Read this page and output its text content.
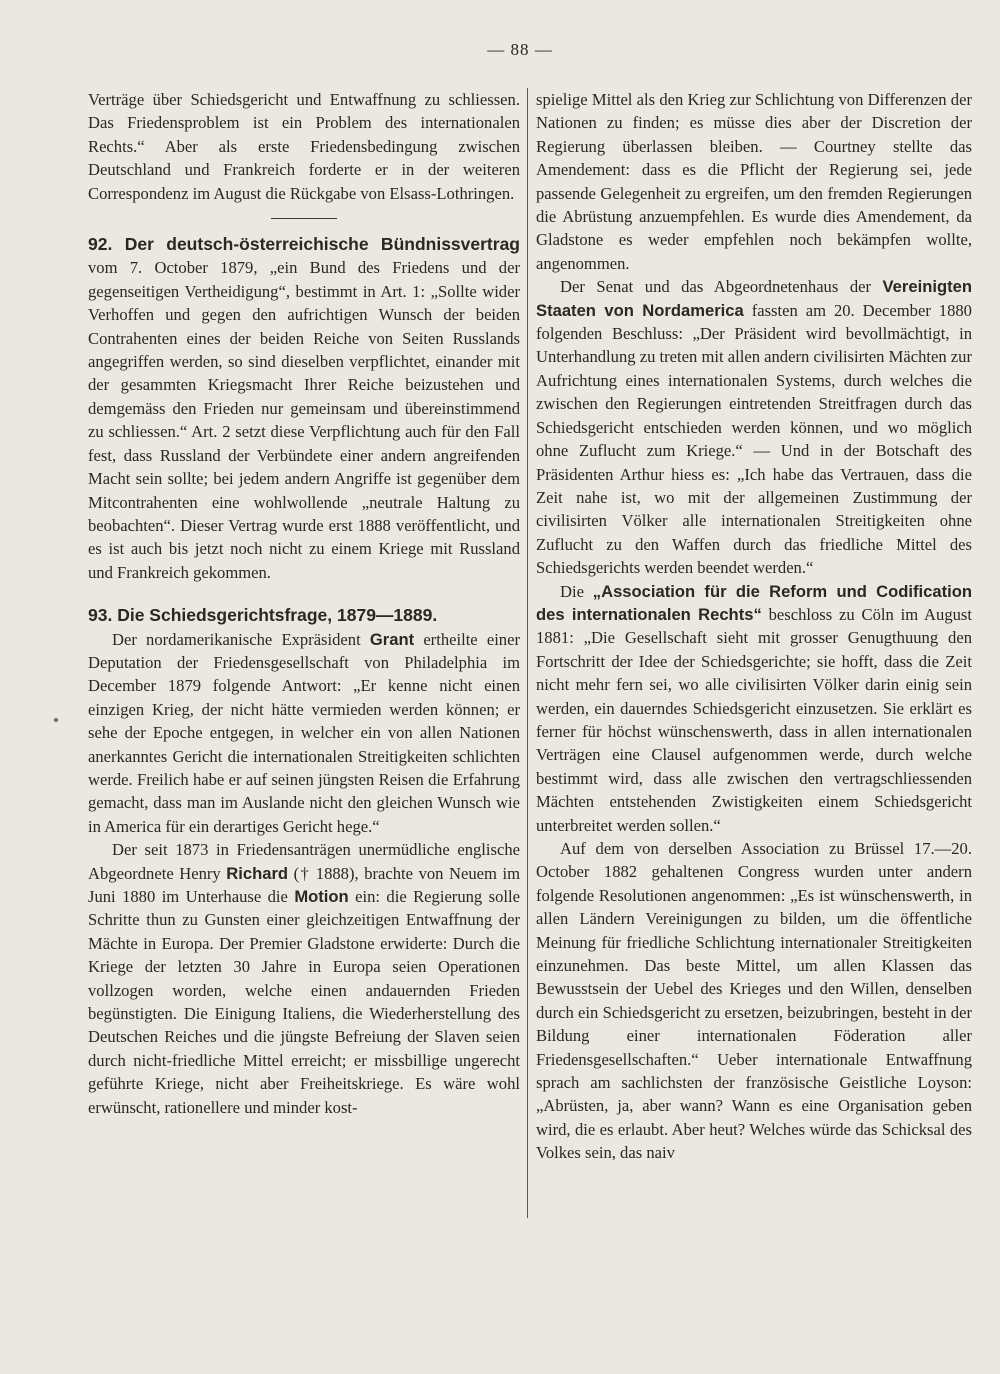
— 88 —

Verträge über Schiedsgericht und Entwaffnung zu schliessen. Das Friedensproblem ist ein Problem des internationalen Rechts.“ Aber als erste Friedensbedingung zwischen Deutschland und Frankreich forderte er in der weiteren Correspondenz im August die Rückgabe von Elsass-Lothringen.

92. Der deutsch-österreichische Bündnissvertrag vom 7. October 1879, „ein Bund des Friedens und der gegenseitigen Vertheidigung“, bestimmt in Art. 1: „Sollte wider Verhoffen und gegen den aufrichtigen Wunsch der beiden Contrahenten eines der beiden Reiche von Seiten Russlands angegriffen werden, so sind dieselben verpflichtet, einander mit der gesammten Kriegsmacht Ihrer Reiche beizustehen und demgemäss den Frieden nur gemeinsam und übereinstimmend zu schliessen.“ Art. 2 setzt diese Verpflichtung auch für den Fall fest, dass Russland der Verbündete einer andern angreifenden Macht sein sollte; bei jedem andern Angriffe ist gegenüber dem Mitcontrahenten eine wohlwollende „neutrale Haltung zu beobachten“. Dieser Vertrag wurde erst 1888 veröffentlicht, und es ist auch bis jetzt noch nicht zu einem Kriege mit Russland und Frankreich gekommen.

93. Die Schiedsgerichtsfrage, 1879—1889.

Der nordamerikanische Expräsident Grant ertheilte einer Deputation der Friedensgesellschaft von Philadelphia im December 1879 folgende Antwort: „Er kenne nicht einen einzigen Krieg, der nicht hätte vermieden werden können; er sehe der Epoche entgegen, in welcher ein von allen Nationen anerkanntes Gericht die internationalen Streitigkeiten schlichten werde. Freilich habe er auf seinen jüngsten Reisen die Erfahrung gemacht, dass man im Auslande nicht den gleichen Wunsch wie in America für ein derartiges Gericht hege.“

Der seit 1873 in Friedensanträgen unermüdliche englische Abgeordnete Henry Richard († 1888), brachte von Neuem im Juni 1880 im Unterhause die Motion ein: die Regierung solle Schritte thun zu Gunsten einer gleichzeitigen Entwaffnung der Mächte in Europa. Der Premier Gladstone erwiderte: Durch die Kriege der letzten 30 Jahre in Europa seien Operationen vollzogen worden, welche einen andauernden Frieden begünstigten. Die Einigung Italiens, die Wiederherstellung des Deutschen Reiches und die jüngste Befreiung der Slaven seien durch nicht-friedliche Mittel erreicht; er missbillige ungerecht geführte Kriege, nicht aber Freiheitskriege. Es wäre wohl erwünscht, rationellere und minder kost-

spielige Mittel als den Krieg zur Schlichtung von Differenzen der Nationen zu finden; es müsse dies aber der Discretion der Regierung überlassen bleiben. — Courtney stellte das Amendement: dass es die Pflicht der Regierung sei, jede passende Gelegenheit zu ergreifen, um den fremden Regierungen die Abrüstung anzuempfehlen. Es wurde dies Amendement, da Gladstone es weder empfehlen noch bekämpfen wollte, angenommen.

Der Senat und das Abgeordnetenhaus der Vereinigten Staaten von Nordamerica fassten am 20. December 1880 folgenden Beschluss: „Der Präsident wird bevollmächtigt, in Unterhandlung zu treten mit allen andern civilisirten Mächten zur Aufrichtung eines internationalen Systems, durch welches die zwischen den Regierungen eintretenden Streitfragen durch das Schiedsgericht entschieden werden können, und wo möglich ohne Zuflucht zum Kriege.“ — Und in der Botschaft des Präsidenten Arthur hiess es: „Ich habe das Vertrauen, dass die Zeit nahe ist, wo mit der allgemeinen Zustimmung der civilisirten Völker alle internationalen Streitigkeiten ohne Zuflucht zu den Waffen durch das friedliche Mittel des Schiedsgerichts werden beendet werden.“

Die „Association für die Reform und Codification des internationalen Rechts“ beschloss zu Cöln im August 1881: „Die Gesellschaft sieht mit grosser Genugthuung den Fortschritt der Idee der Schiedsgerichte; sie hofft, dass die Zeit nicht mehr fern sei, wo alle civilisirten Völker darin einig sein werden, ein dauerndes Schiedsgericht einzusetzen. Sie erklärt es ferner für höchst wünschenswerth, dass in allen internationalen Verträgen eine Clausel aufgenommen werde, durch welche bestimmt wird, dass alle zwischen den vertragschliessenden Mächten entstehenden Zwistigkeiten einem Schiedsgericht unterbreitet werden sollen.“

Auf dem von derselben Association zu Brüssel 17.—20. October 1882 gehaltenen Congress wurden unter andern folgende Resolutionen angenommen: „Es ist wünschenswerth, in allen Ländern Vereinigungen zu bilden, um die öffentliche Meinung für friedliche Schlichtung internationaler Streitigkeiten einzunehmen. Das beste Mittel, um allen Klassen das Bewusstsein der Uebel des Krieges und den Willen, denselben durch ein Schiedsgericht zu ersetzen, beizubringen, besteht in der Bildung einer internationalen Föderation aller Friedensgesellschaften.“ Ueber internationale Entwaffnung sprach am sachlichsten der französische Geistliche Loyson: „Abrüsten, ja, aber wann? Wann es eine Organisation geben wird, die es erlaubt. Aber heut? Welches würde das Schicksal des Volkes sein, das naiv
